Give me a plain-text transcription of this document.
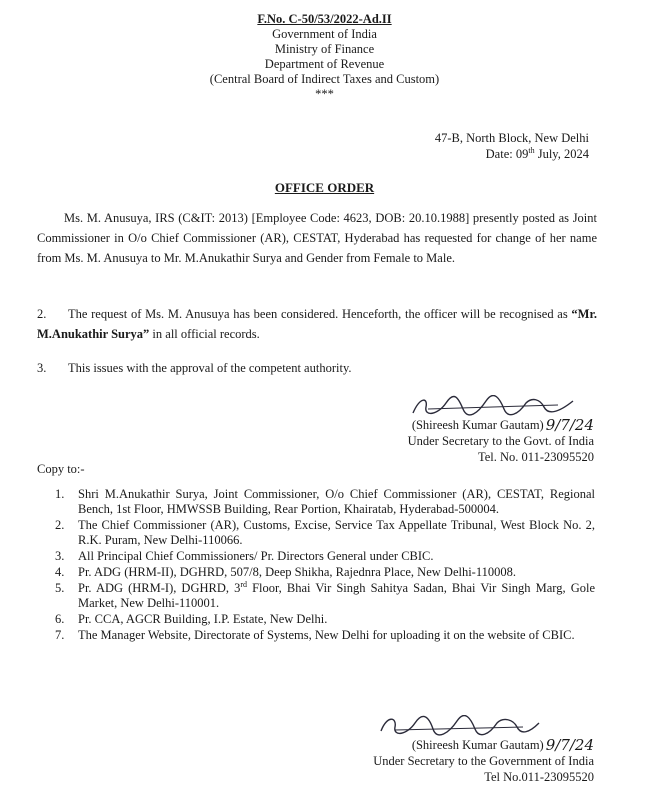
F.No. C-50/53/2022-Ad.II
Government of India
Ministry of Finance
Department of Revenue
(Central Board of Indirect Taxes and Custom)
***
47-B, North Block, New Delhi
Date: 09th July, 2024
OFFICE ORDER
Ms. M. Anusuya, IRS (C&IT: 2013) [Employee Code: 4623, DOB: 20.10.1988] presently posted as Joint Commissioner in O/o Chief Commissioner (AR), CESTAT, Hyderabad has requested for change of her name from Ms. M. Anusuya to Mr. M.Anukathir Surya and Gender from Female to Male.
2. The request of Ms. M. Anusuya has been considered. Henceforth, the officer will be recognised as “Mr. M.Anukathir Surya” in all official records.
3. This issues with the approval of the competent authority.
(Shireesh Kumar Gautam) 9/7/24
Under Secretary to the Govt. of India
Tel. No. 011-23095520
Copy to:-
1.	Shri M.Anukathir Surya, Joint Commissioner, O/o Chief Commissioner (AR), CESTAT, Regional Bench, 1st Floor, HMWSSB Building, Rear Portion, Khairatab, Hyderabad-500004.
2.	The Chief Commissioner (AR), Customs, Excise, Service Tax Appellate Tribunal, West Block No. 2, R.K. Puram, New Delhi-110066.
3.	All Principal Chief Commissioners/ Pr. Directors General under CBIC.
4.	Pr. ADG (HRM-II), DGHRD, 507/8, Deep Shikha, Rajednra Place, New Delhi-110008.
5.	Pr. ADG (HRM-I), DGHRD, 3rd Floor, Bhai Vir Singh Sahitya Sadan, Bhai Vir Singh Marg, Gole Market, New Delhi-110001.
6.	Pr. CCA, AGCR Building, I.P. Estate, New Delhi.
7.	The Manager Website, Directorate of Systems, New Delhi for uploading it on the website of CBIC.
(Shireesh Kumar Gautam) 9/7/24
Under Secretary to the Government of India
Tel No.011-23095520
